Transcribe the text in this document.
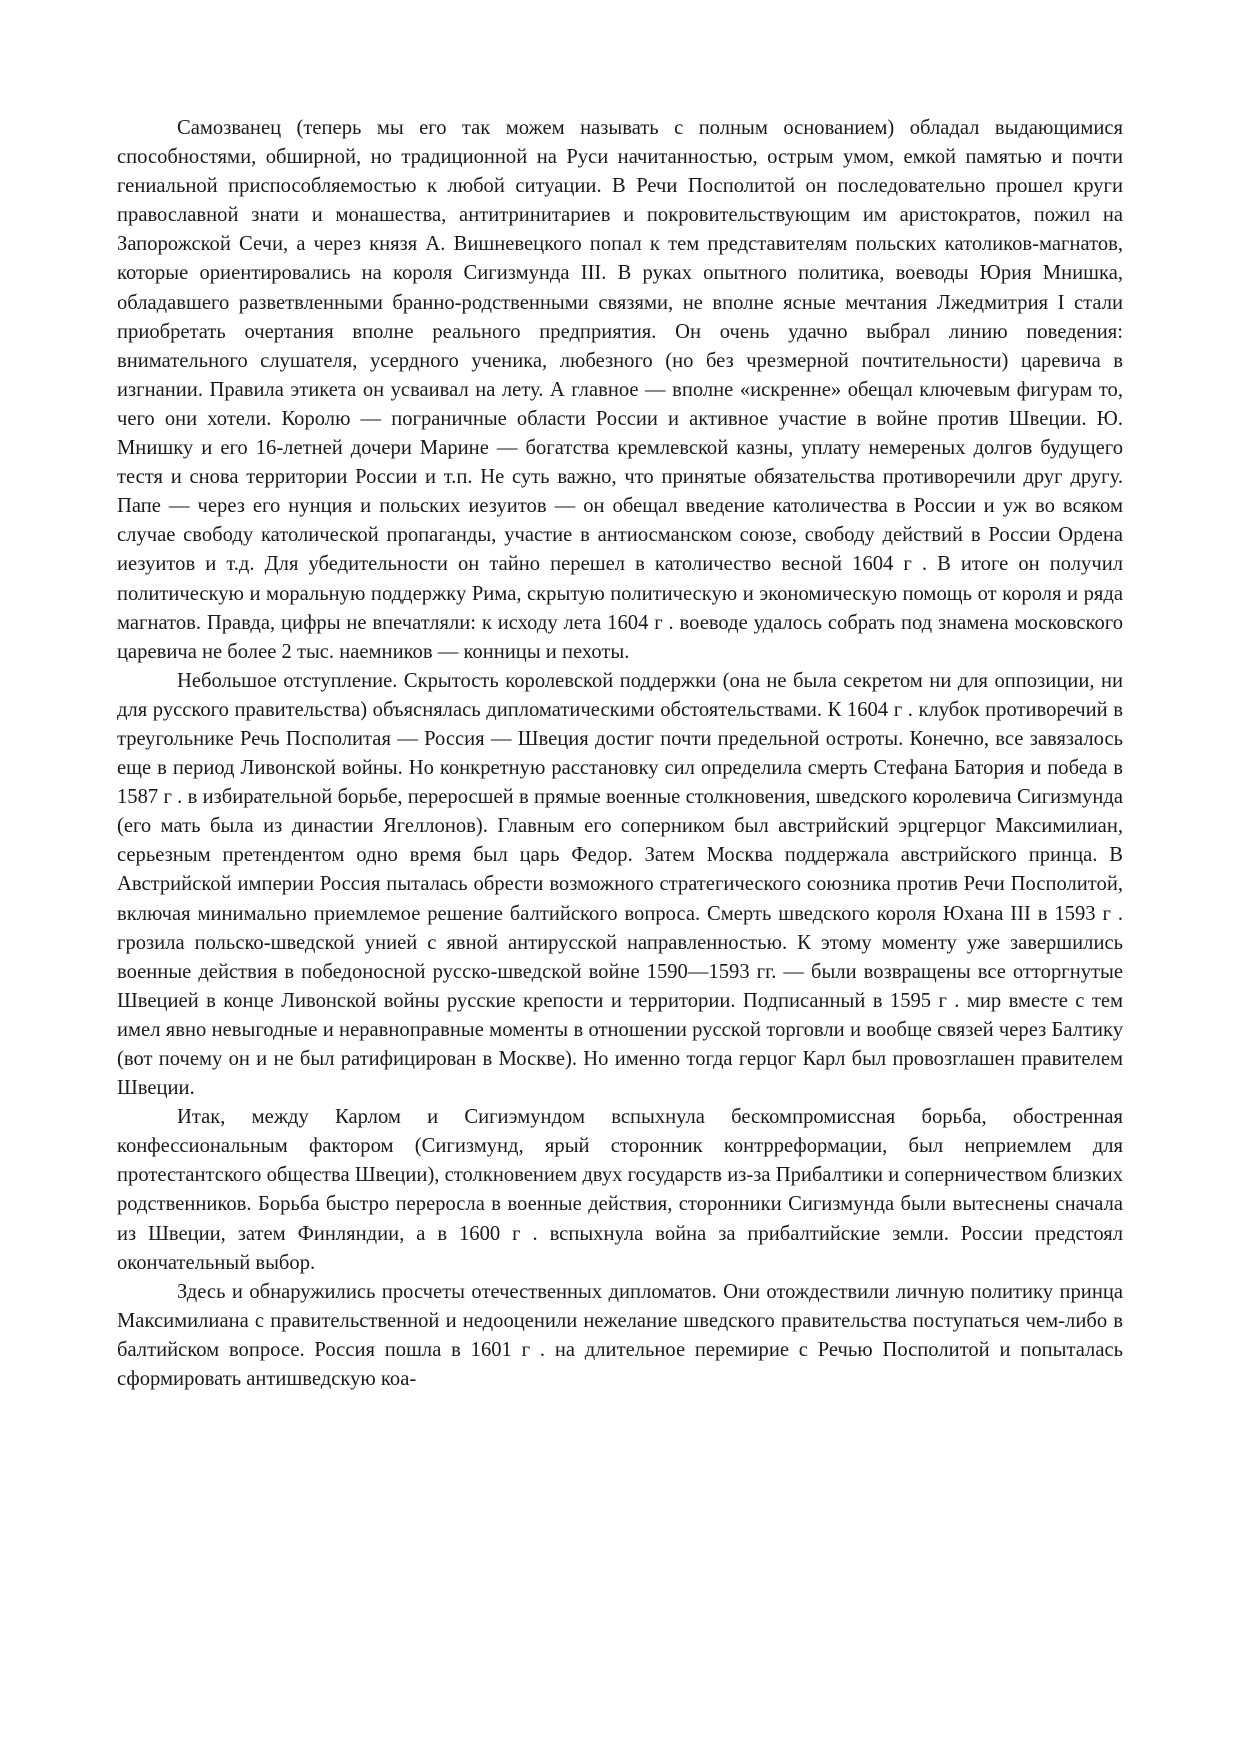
Самозванец (теперь мы его так можем называть с полным основанием) обладал выдающимися способностями, обширной, но традиционной на Руси начитанностью, острым умом, емкой памятью и почти гениальной приспособляемостью к любой ситуации. В Речи Посполитой он последовательно прошел круги православной знати и монашества, антитринитариев и покровительствующим им аристократов, пожил на Запорожской Сечи, а через князя А. Вишневецкого попал к тем представителям польских католиков-магнатов, которые ориентировались на короля Сигизмунда III. В руках опытного политика, воеводы Юрия Мнишка, обладавшего разветвленными бранно-родственными связями, не вполне ясные мечтания Лжедмитрия I стали приобретать очертания вполне реального предприятия. Он очень удачно выбрал линию поведения: внимательного слушателя, усердного ученика, любезного (но без чрезмерной почтительности) царевича в изгнании. Правила этикета он усваивал на лету. А главное — вполне «искренне» обещал ключевым фигурам то, чего они хотели. Королю — пограничные области России и активное участие в войне против Швеции. Ю. Мнишку и его 16-летней дочери Марине — богатства кремлевской казны, уплату немереных долгов будущего тестя и снова территории России и т.п. Не суть важно, что принятые обязательства противоречили друг другу. Папе — через его нунция и польских иезуитов — он обещал введение католичества в России и уж во всяком случае свободу католической пропаганды, участие в антиосманском союзе, свободу действий в России Ордена иезуитов и т.д. Для убедительности он тайно перешел в католичество весной 1604 г . В итоге он получил политическую и моральную поддержку Рима, скрытую политическую и экономическую помощь от короля и ряда магнатов. Правда, цифры не впечатляли: к исходу лета 1604 г . воеводе удалось собрать под знамена московского царевича не более 2 тыс. наемников — конницы и пехоты.

Небольшое отступление. Скрытость королевской поддержки (она не была секретом ни для оппозиции, ни для русского правительства) объяснялась дипломатическими обстоятельствами. К 1604 г . клубок противоречий в треугольнике Речь Посполитая — Россия — Швеция достиг почти предельной остроты. Конечно, все завязалось еще в период Ливонской войны. Но конкретную расстановку сил определила смерть Стефана Батория и победа в 1587 г . в избирательной борьбе, переросшей в прямые военные столкновения, шведского королевича Сигизмунда (его мать была из династии Ягеллонов). Главным его соперником был австрийский эрцгерцог Максимилиан, серьезным претендентом одно время был царь Федор. Затем Москва поддержала австрийского принца. В Австрийской империи Россия пыталась обрести возможного стратегического союзника против Речи Посполитой, включая минимально приемлемое решение балтийского вопроса. Смерть шведского короля Юхана III в 1593 г . грозила польско-шведской унией с явной антирусской направленностью. К этому моменту уже завершились военные действия в победоносной русско-шведской войне 1590—1593 гг. — были возвращены все отторгнутые Швецией в конце Ливонской войны русские крепости и территории. Подписанный в 1595 г . мир вместе с тем имел явно невыгодные и неравноправные моменты в отношении русской торговли и вообще связей через Балтику (вот почему он и не был ратифицирован в Москве). Но именно тогда герцог Карл был провозглашен правителем Швеции.

Итак, между Карлом и Сигиэмундом вспыхнула бескомпромиссная борьба, обостренная конфессиональным фактором (Сигизмунд, ярый сторонник контрреформации, был неприемлем для протестантского общества Швеции), столкновением двух государств из-за Прибалтики и соперничеством близких родственников. Борьба быстро переросла в военные действия, сторонники Сигизмунда были вытеснены сначала из Швеции, затем Финляндии, а в 1600 г . вспыхнула война за прибалтийские земли. России предстоял окончательный выбор.

Здесь и обнаружились просчеты отечественных дипломатов. Они отождествили личную политику принца Максимилиана с правительственной и недооценили нежелание шведского правительства поступаться чем-либо в балтийском вопросе. Россия пошла в 1601 г . на длительное перемирие с Речью Посполитой и попыталась сформировать антишведскую коа-
